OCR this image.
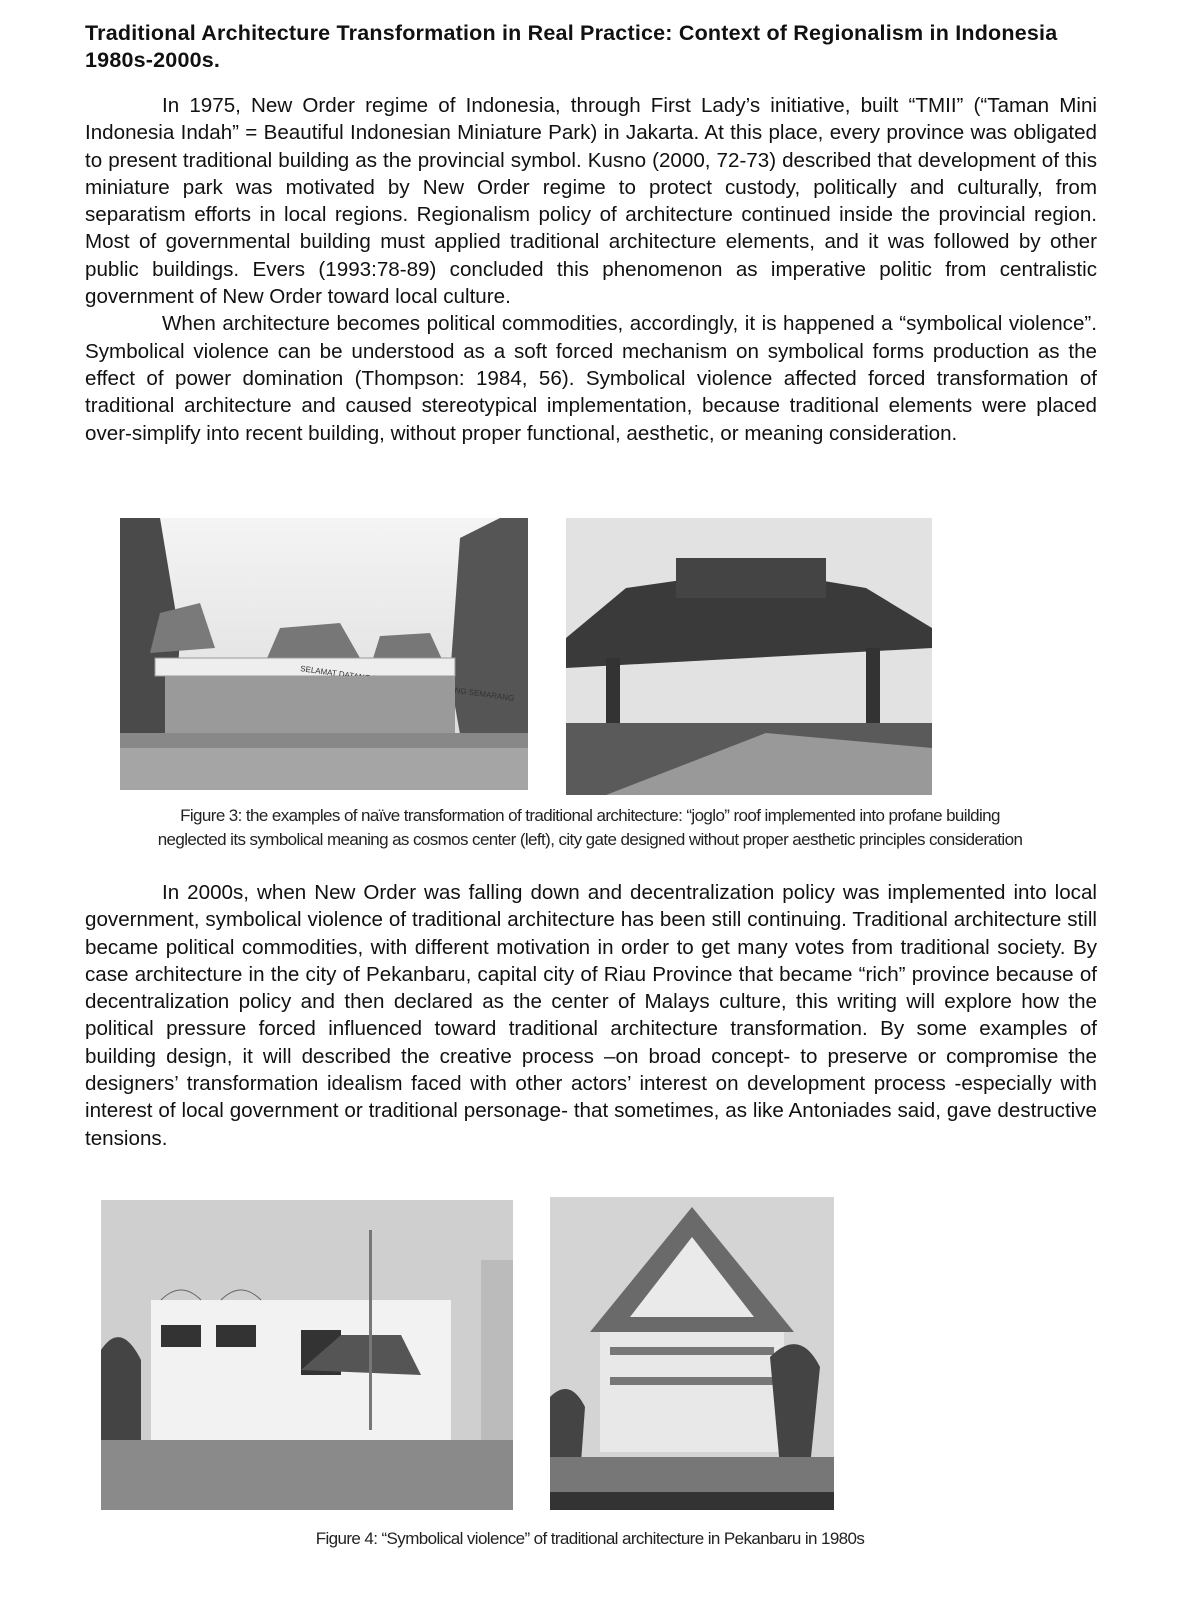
Traditional Architecture Transformation in Real Practice: Context of Regionalism in Indonesia 1980s-2000s.

In 1975, New Order regime of Indonesia, through First Lady’s initiative, built “TMII” (“Taman Mini Indonesia Indah” = Beautiful Indonesian Miniature Park) in Jakarta. At this place, every province was obligated to present traditional building as the provincial symbol. Kusno (2000, 72-73) described that development of this miniature park was motivated by New Order regime to protect custody, politically and culturally, from separatism efforts in local regions. Regionalism policy of architecture continued inside the provincial region. Most of governmental building must applied traditional architecture elements, and it was followed by other public buildings. Evers (1993:78-89) concluded this phenomenon as imperative politic from centralistic government of New Order toward local culture.

When architecture becomes political commodities, accordingly, it is happened a “symbolical violence”. Symbolical violence can be understood as a soft forced mechanism on symbolical forms production as the effect of power domination (Thompson: 1984, 56). Symbolical violence affected forced transformation of traditional architecture and caused stereotypical implementation, because traditional elements were placed over-simplify into recent building, without proper functional, aesthetic, or meaning consideration.

SELAMAT SEMARANG
Figure 3: the examples of naïve transformation of traditional architecture: “joglo” roof implemented into profane building
neglected its symbolical meaning as cosmos center (left), city gate designed without proper aesthetic principles consideration

In 2000s, when New Order was falling down and decentralization policy was implemented into local government, symbolical violence of traditional architecture has been still continuing. Traditional architecture still became political commodities, with different motivation in order to get many votes from traditional society. By case architecture in the city of Pekanbaru, capital city of Riau Province that became “rich” province because of decentralization policy and then declared as the center of Malays culture, this writing will explore how the political pressure forced influenced toward traditional architecture transformation. By some examples of building design, it will described the creative process –on broad concept- to preserve or compromise the designers’ transformation idealism faced with other actors’ interest on development process -especially with interest of local government or traditional personage- that sometimes, as like Antoniades said, gave destructive tensions.

Figure 4: “Symbolical violence” of traditional architecture in Pekanbaru in 1980s
